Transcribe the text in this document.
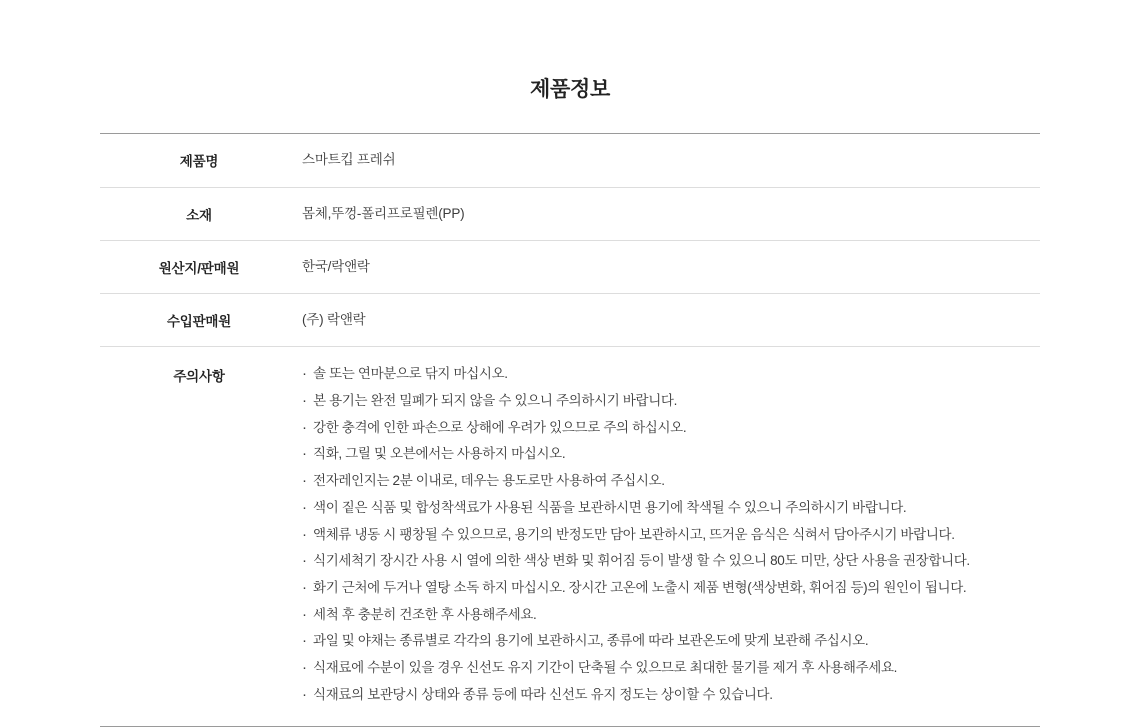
제품정보
제품명	스마트킵 프레쉬
소재	몸체,뚜껑-폴리프로필렌(PP)
원산지/판매원	한국/락앤락
수입판매원	(주) 락앤락
주의사항	
·솔 또는 연마분으로 닦지 마십시오.
· 본 용기는 완전 밀폐가 되지 않을 수 있으니 주의하시기 바랍니다.
· 강한 충격에 인한 파손으로 상해에 우려가 있으므로 주의 하십시오.
· 직화, 그릴 및 오븐에서는 사용하지 마십시오.
· 전자레인지는 2분 이내로, 데우는 용도로만 사용하여 주십시오.
· 색이 짙은 식품 및 합성착색료가 사용된 식품을 보관하시면 용기에 착색될 수 있으니 주의하시기 바랍니다.
· 액체류 냉동 시 팽창될 수 있으므로, 용기의 반정도만 담아 보관하시고, 뜨거운 음식은 식혀서 담아주시기 바랍니다.
· 식기세척기 장시간 사용 시 열에 의한 색상 변화 및 휘어짐 등이 발생 할 수 있으니 80도 미만, 상단 사용을 권장합니다.
· 화기 근처에 두거나 열탕 소독 하지 마십시오. 장시간 고온에 노출시 제품 변형(색상변화, 휘어짐 등)의 원인이 됩니다.
· 세척 후 충분히 건조한 후 사용해주세요.
· 과일 및 야채는 종류별로 각각의 용기에 보관하시고, 종류에 따라 보관온도에 맞게 보관해 주십시오.
· 식재료에 수분이 있을 경우 신선도 유지 기간이 단축될 수 있으므로 최대한 물기를 제거 후 사용해주세요.
· 식재료의 보관당시 상태와 종류 등에 따라 신선도 유지 정도는 상이할 수 있습니다.
